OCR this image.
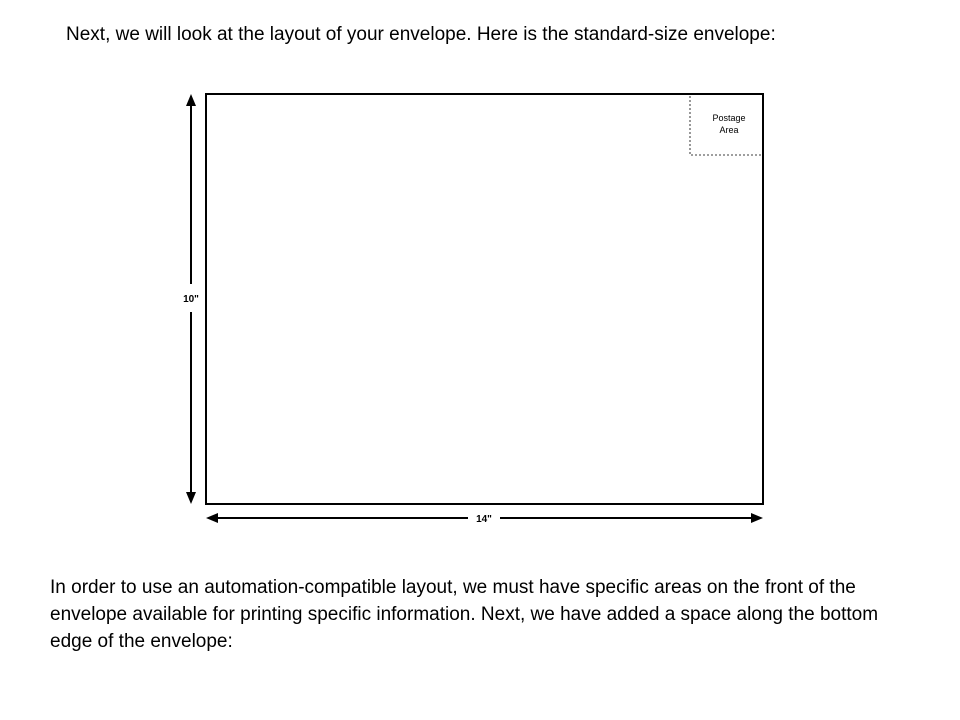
Next, we will look at the layout of your envelope. Here is the standard-size envelope:

Postage
Area
10"
14"

In order to use an automation-compatible layout, we must have specific areas on the front of the envelope available for printing specific information. Next, we have added a space along the bottom edge of the envelope:
